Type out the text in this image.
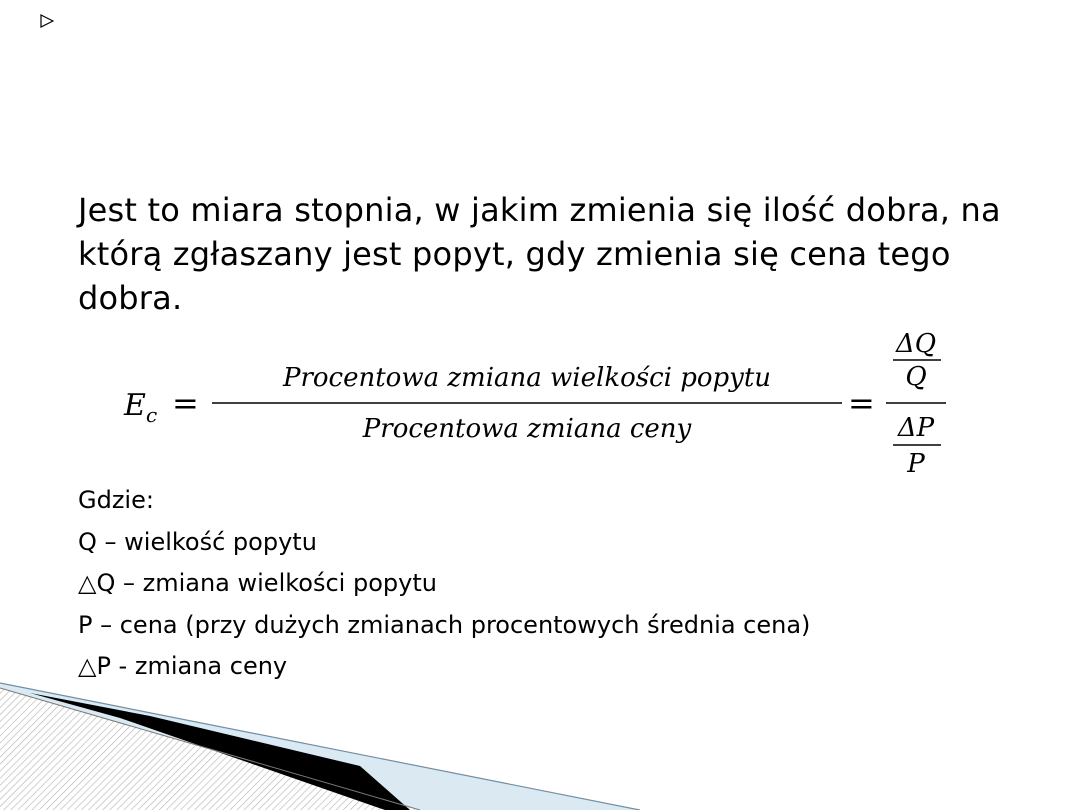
Jest to miara stopnia, w jakim zmienia się ilość dobra, na którą zgłaszany jest popyt, gdy zmienia się cena tego dobra.
E c =
Procentowa zmiana wielkości popytu
Procentowa zmiana ceny
=
ΔQ
Q
ΔP
P
Gdzie:
Q – wielkość popytu
△Q – zmiana wielkości popytu
P – cena (przy dużych zmianach procentowych średnia cena)
△P - zmiana ceny
